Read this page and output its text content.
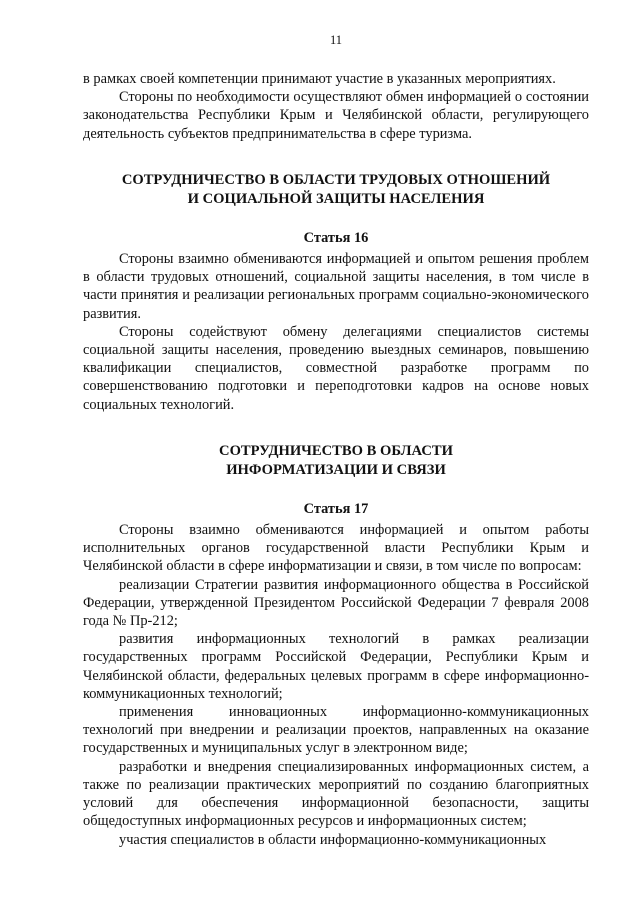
11

в рамках своей компетенции принимают участие в указанных мероприятиях.

Стороны по необходимости осуществляют обмен информацией о состоянии законодательства Республики Крым и Челябинской области, регулирующего деятельность субъектов предпринимательства в сфере туризма.

СОТРУДНИЧЕСТВО В ОБЛАСТИ ТРУДОВЫХ ОТНОШЕНИЙ
И СОЦИАЛЬНОЙ ЗАЩИТЫ НАСЕЛЕНИЯ
Статья 16

Стороны взаимно обмениваются информацией и опытом решения проблем в области трудовых отношений, социальной защиты населения, в том числе в части принятия и реализации региональных программ социально-экономического развития.

Стороны содействуют обмену делегациями специалистов системы социальной защиты населения, проведению выездных семинаров, повышению квалификации специалистов, совместной разработке программ по совершенствованию подготовки и переподготовки кадров на основе новых социальных технологий.

СОТРУДНИЧЕСТВО В ОБЛАСТИ
ИНФОРМАТИЗАЦИИ И СВЯЗИ
Статья 17

Стороны взаимно обмениваются информацией и опытом работы исполнительных органов государственной власти Республики Крым и Челябинской области в сфере информатизации и связи, в том числе по вопросам:

реализации Стратегии развития информационного общества в Российской Федерации, утвержденной Президентом Российской Федерации 7 февраля 2008 года № Пр-212;

развития информационных технологий в рамках реализации государственных программ Российской Федерации, Республики Крым и Челябинской области, федеральных целевых программ в сфере информационно-коммуникационных технологий;

применения инновационных информационно-коммуникационных технологий при внедрении и реализации проектов, направленных на оказание государственных и муниципальных услуг в электронном виде;

разработки и внедрения специализированных информационных систем, а также по реализации практических мероприятий по созданию благоприятных условий для обеспечения информационной безопасности, защиты общедоступных информационных ресурсов и информационных систем;

участия специалистов в области информационно-коммуникационных
